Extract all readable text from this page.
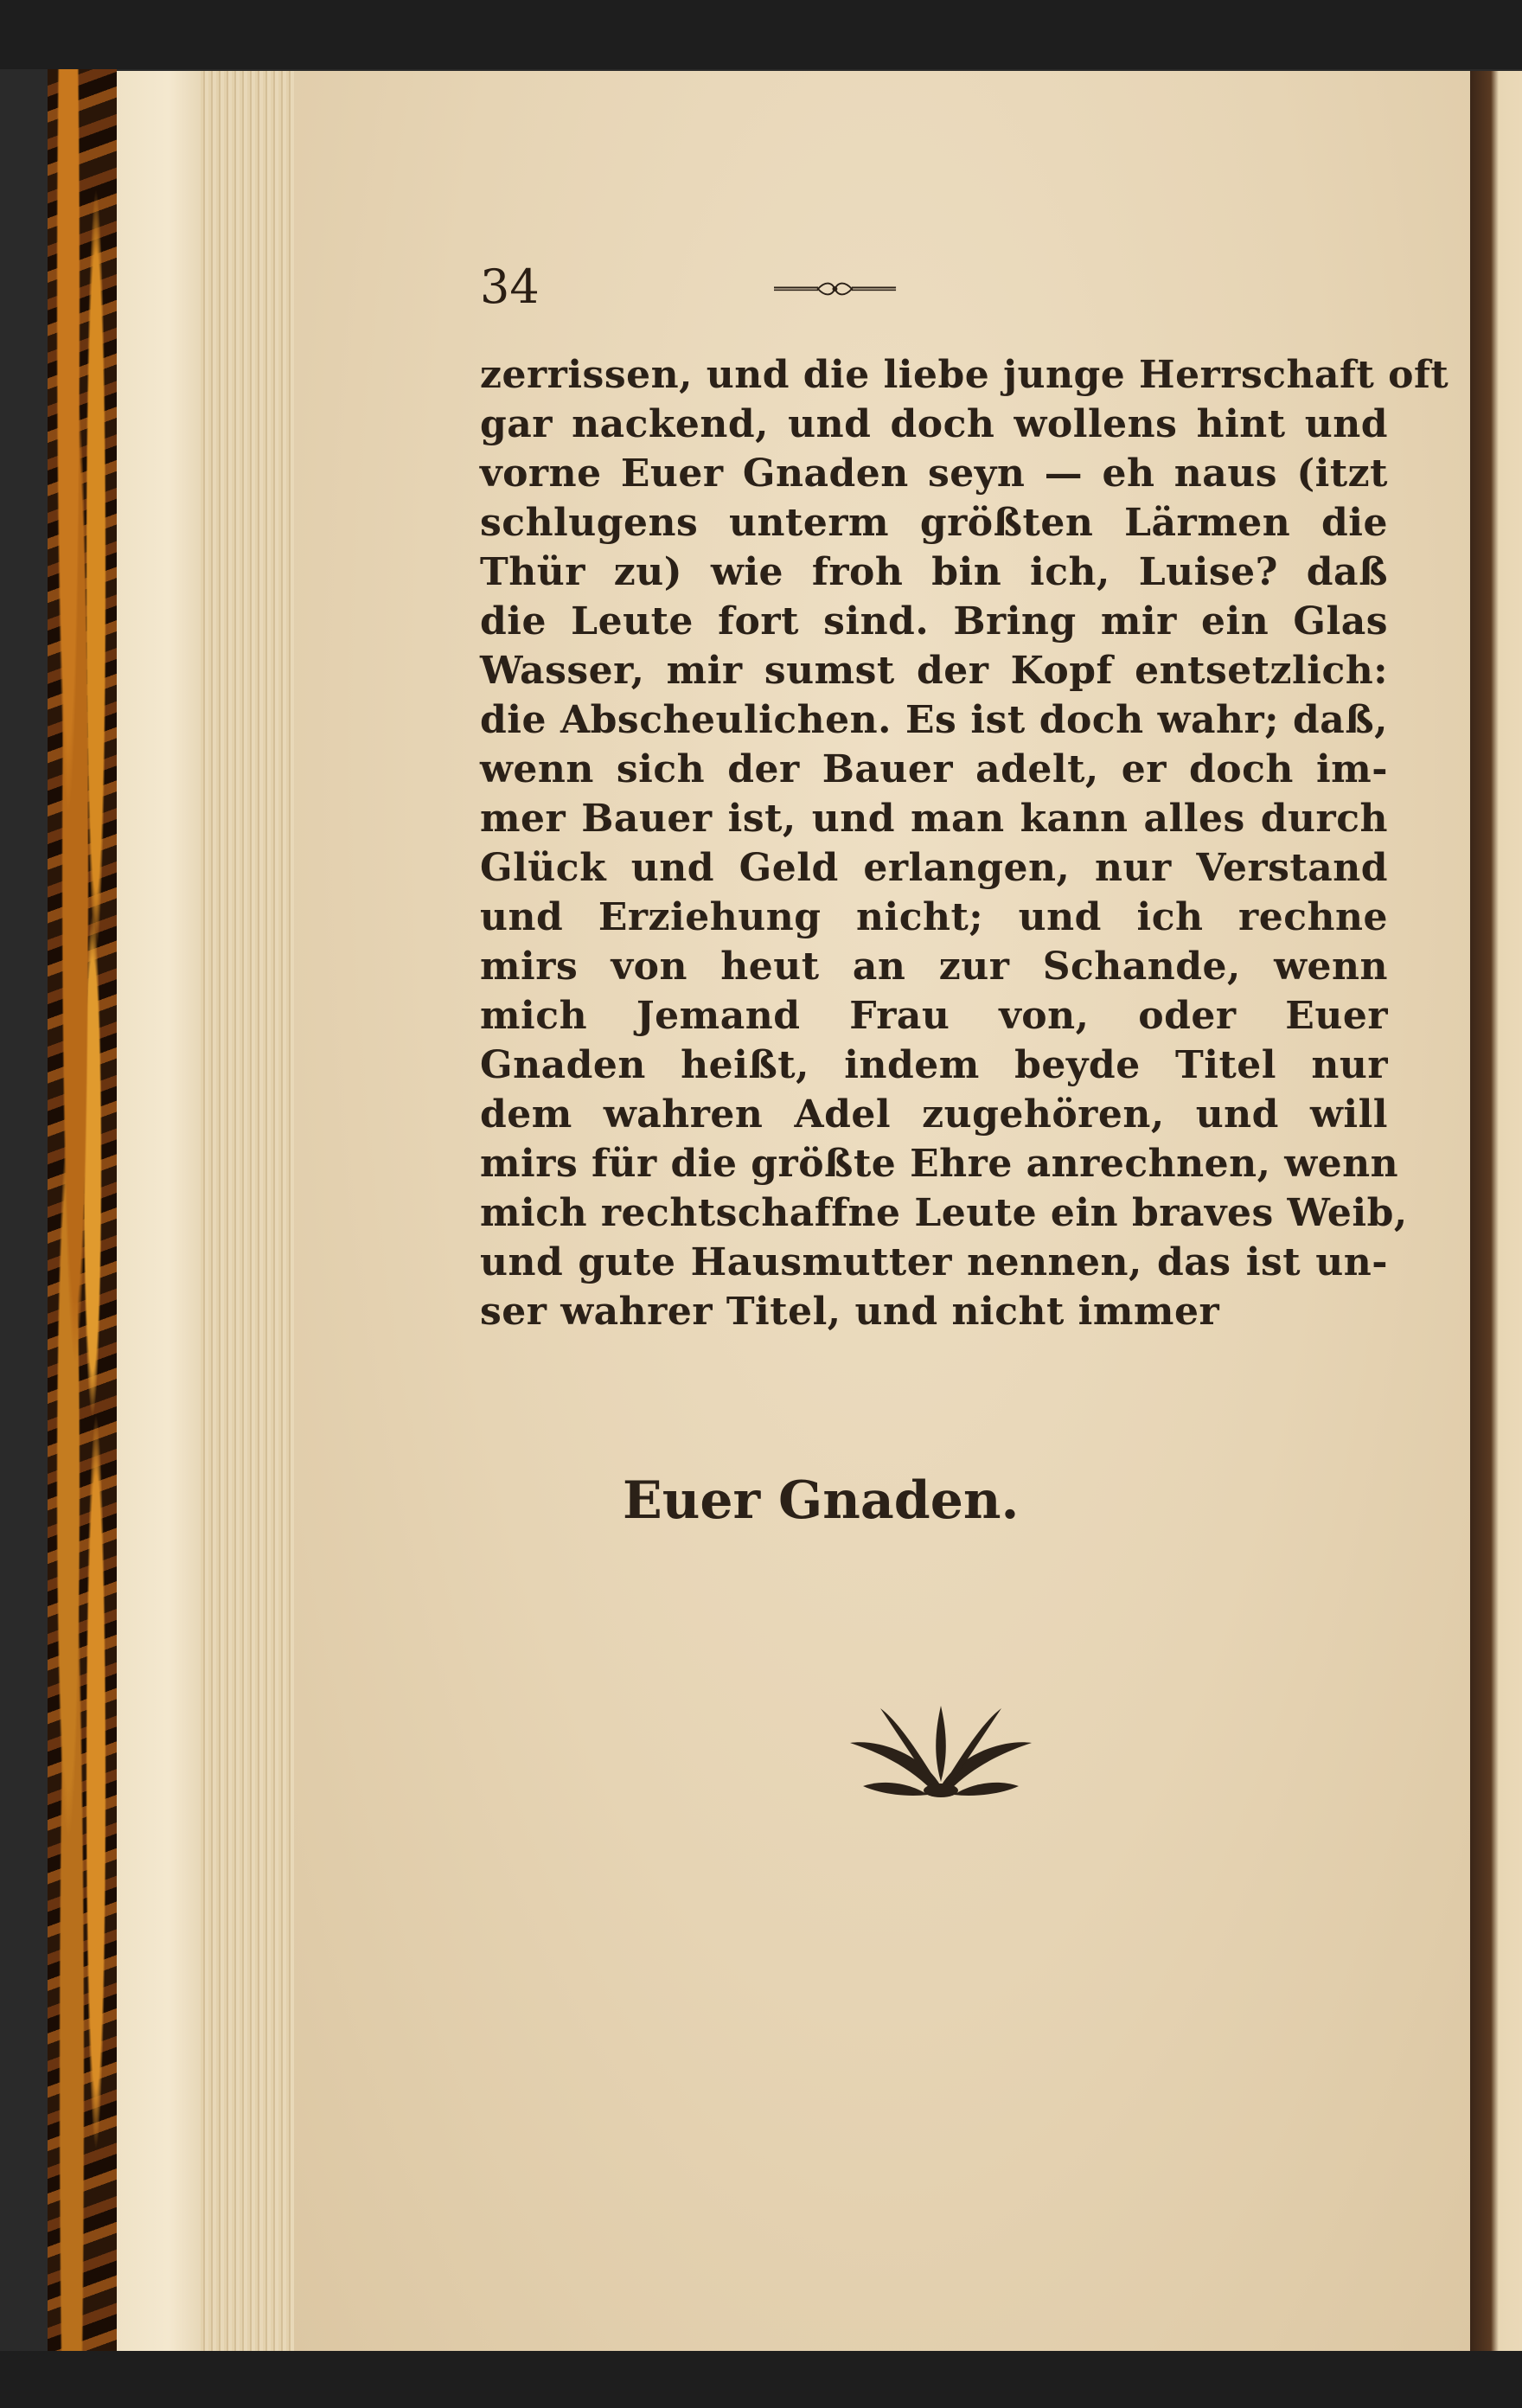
34
zerrissen, und die liebe junge Herrschaft oft
gar nackend, und doch wollens hint und
vorne Euer Gnaden seyn — eh naus (itzt
schlugens unterm größten Lärmen die
Thür zu) wie froh bin ich, Luise? daß
die Leute fort sind. Bring mir ein Glas
Wasser, mir sumst der Kopf entsetzlich:
die Abscheulichen. Es ist doch wahr; daß,
wenn sich der Bauer adelt, er doch im-
mer Bauer ist, und man kann alles durch
Glück und Geld erlangen, nur Verstand
und Erziehung nicht; und ich rechne
mirs von heut an zur Schande, wenn
mich Jemand Frau von, oder Euer
Gnaden heißt, indem beyde Titel nur
dem wahren Adel zugehören, und will
mirs für die größte Ehre anrechnen, wenn
mich rechtschaffne Leute ein braves Weib,
und gute Hausmutter nennen, das ist un-
ser wahrer Titel, und nicht immer
Euer Gnaden.
